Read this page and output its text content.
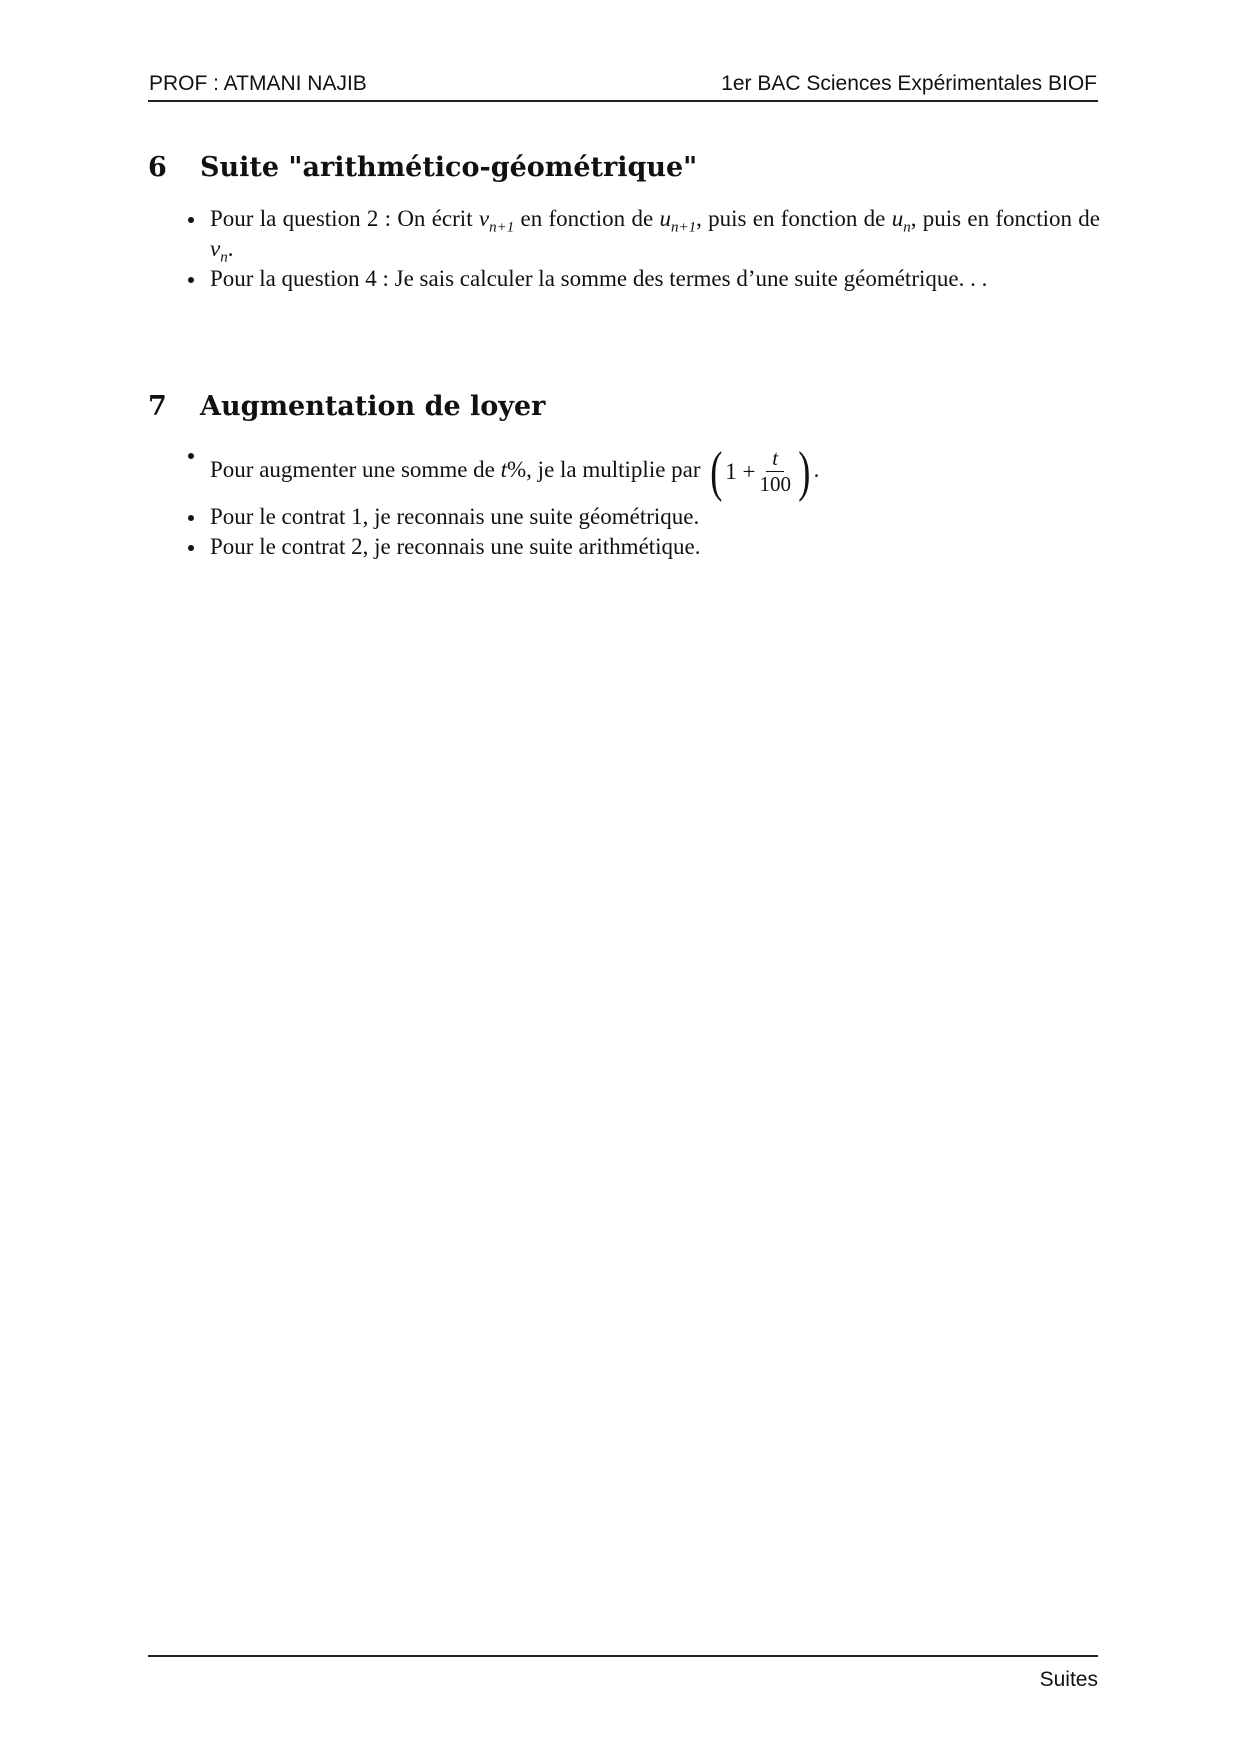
PROF : ATMANI NAJIB	1er BAC Sciences Expérimentales BIOF
6 Suite "arithmético-géométrique"
Pour la question 2 : On écrit $v_{n+1}$ en fonction de $u_{n+1}$, puis en fonction de $u_n$, puis en fonction de $v_n$.
Pour la question 4 : Je sais calculer la somme des termes d’une suite géométrique. . .
7 Augmentation de loyer
Pour augmenter une somme de t%, je la multiplie par ( $1 + \frac{t}{100}$ ) .
Pour le contrat 1, je reconnais une suite géométrique.
Pour le contrat 2, je reconnais une suite arithmétique.
Suites
